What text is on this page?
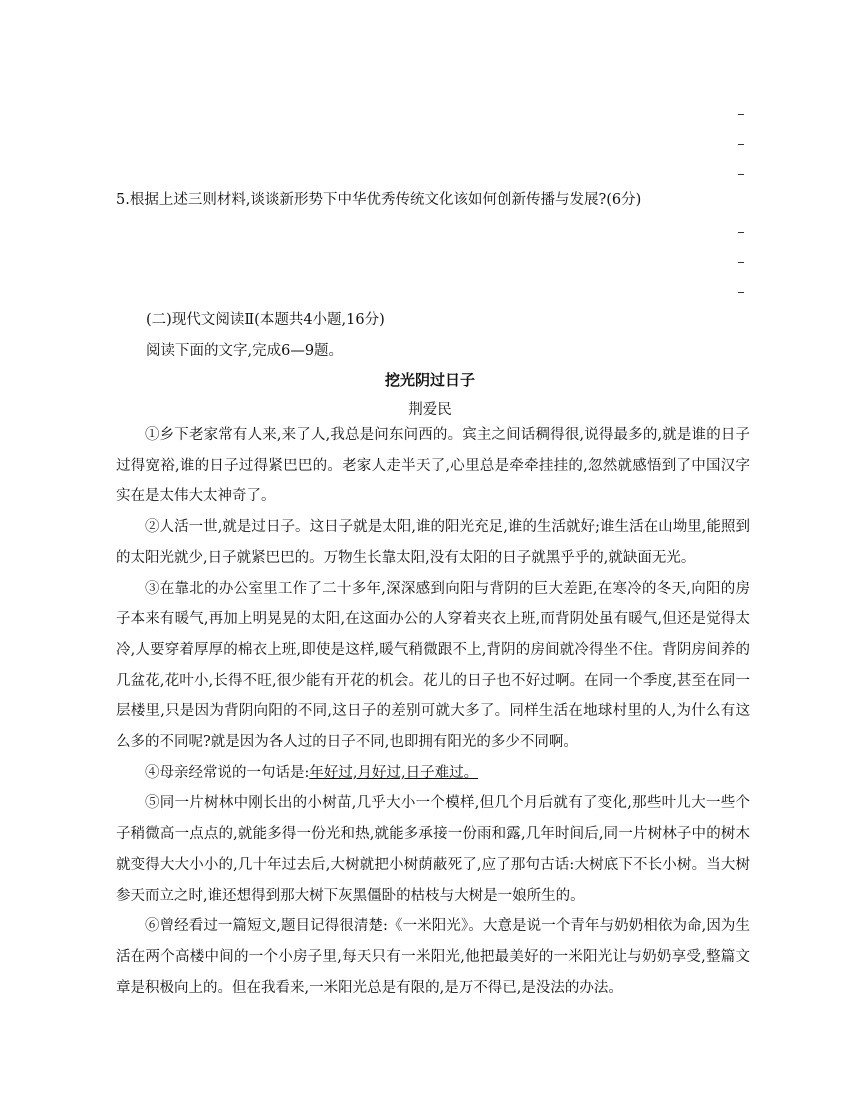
5.根据上述三则材料,谈谈新形势下中华优秀传统文化该如何创新传播与发展?(6分)
(二)现代文阅读Ⅱ(本题共4小题,16分)
阅读下面的文字,完成6—9题。
挖光阴过日子
荆爱民

①乡下老家常有人来,来了人,我总是问东问西的。宾主之间话稠得很,说得最多的,就是谁的日子过得宽裕,谁的日子过得紧巴巴的。老家人走半天了,心里总是牵牵挂挂的,忽然就感悟到了中国汉字实在是太伟大太神奇了。

②人活一世,就是过日子。这日子就是太阳,谁的阳光充足,谁的生活就好;谁生活在山坳里,能照到的太阳光就少,日子就紧巴巴的。万物生长靠太阳,没有太阳的日子就黑乎乎的,就缺面无光。

③在靠北的办公室里工作了二十多年,深深感到向阳与背阴的巨大差距,在寒冷的冬天,向阳的房子本来有暖气,再加上明晃晃的太阳,在这面办公的人穿着夹衣上班,而背阴处虽有暖气,但还是觉得太冷,人要穿着厚厚的棉衣上班,即使是这样,暖气稍微跟不上,背阴的房间就冷得坐不住。背阴房间养的几盆花,花叶小,长得不旺,很少能有开花的机会。花儿的日子也不好过啊。在同一个季度,甚至在同一层楼里,只是因为背阴向阳的不同,这日子的差别可就大多了。同样生活在地球村里的人,为什么有这么多的不同呢?就是因为各人过的日子不同,也即拥有阳光的多少不同啊。

④母亲经常说的一句话是:年好过,月好过,日子难过。

⑤同一片树林中刚长出的小树苗,几乎大小一个模样,但几个月后就有了变化,那些叶儿大一些个子稍微高一点点的,就能多得一份光和热,就能多承接一份雨和露,几年时间后,同一片树林子中的树木就变得大大小小的,几十年过去后,大树就把小树荫蔽死了,应了那句古话:大树底下不长小树。当大树参天而立之时,谁还想得到那大树下灰黑僵卧的枯枝与大树是一娘所生的。

⑥曾经看过一篇短文,题目记得很清楚:《一米阳光》。大意是说一个青年与奶奶相依为命,因为生活在两个高楼中间的一个小房子里,每天只有一米阳光,他把最美好的一米阳光让与奶奶享受,整篇文章是积极向上的。但在我看来,一米阳光总是有限的,是万不得已,是没法的办法。
